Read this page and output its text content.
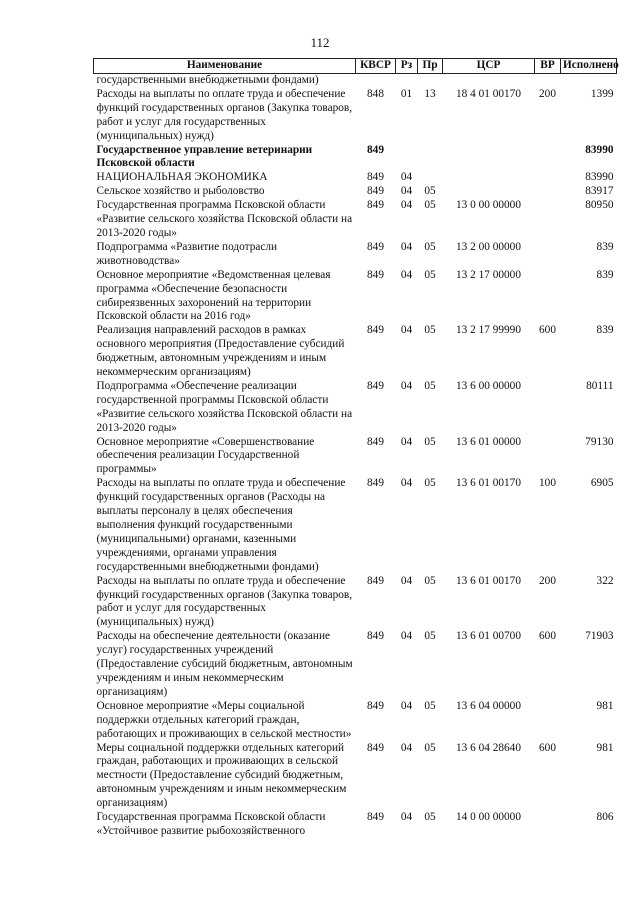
112
Наименование	КВСР	Рз	Пр	ЦСР	ВР	Исполнено
государственными внебюджетными фондами)						
Расходы на выплаты по оплате труда и обеспечение функций государственных органов (Закупка товаров, работ и услуг для государственных (муниципальных) нужд)	848	01	13	18 4 01 00170	200	1399
Государственное управление ветеринарии Псковской области	849					83990
НАЦИОНАЛЬНАЯ ЭКОНОМИКА	849	04				83990
Сельское хозяйство и рыболовство	849	04	05			83917
Государственная программа Псковской области «Развитие сельского хозяйства Псковской области на 2013-2020 годы»	849	04	05	13 0 00 00000		80950
Подпрограмма «Развитие подотрасли животноводства»	849	04	05	13 2 00 00000		839
Основное мероприятие «Ведомственная целевая программа «Обеспечение безопасности сибиреязвенных захоронений на территории Псковской области на 2016 год»	849	04	05	13 2 17 00000		839
Реализация направлений расходов в рамках основного мероприятия (Предоставление субсидий бюджетным, автономным учреждениям и иным некоммерческим организациям)	849	04	05	13 2 17 99990	600	839
Подпрограмма «Обеспечение реализации государственной программы Псковской области «Развитие сельского хозяйства Псковской области на 2013-2020 годы»	849	04	05	13 6 00 00000		80111
Основное мероприятие «Совершенствование обеспечения реализации Государственной программы»	849	04	05	13 6 01 00000		79130
Расходы на выплаты по оплате труда и обеспечение функций государственных органов (Расходы на выплаты персоналу в целях обеспечения выполнения функций государственными (муниципальными) органами, казенными учреждениями, органами управления государственными внебюджетными фондами)	849	04	05	13 6 01 00170	100	6905
Расходы на выплаты по оплате труда и обеспечение функций государственных органов (Закупка товаров, работ и услуг для государственных (муниципальных) нужд)	849	04	05	13 6 01 00170	200	322
Расходы на обеспечение деятельности (оказание услуг) государственных учреждений (Предоставление субсидий бюджетным, автономным учреждениям и иным некоммерческим организациям)	849	04	05	13 6 01 00700	600	71903
Основное мероприятие «Меры социальной поддержки отдельных категорий граждан, работающих и проживающих в сельской местности»	849	04	05	13 6 04 00000		981
Меры социальной поддержки отдельных категорий граждан, работающих и проживающих в сельской местности (Предоставление субсидий бюджетным, автономным учреждениям и иным некоммерческим организациям)	849	04	05	13 6 04 28640	600	981
Государственная программа Псковской области «Устойчивое развитие рыбохозяйственного	849	04	05	14 0 00 00000		806
